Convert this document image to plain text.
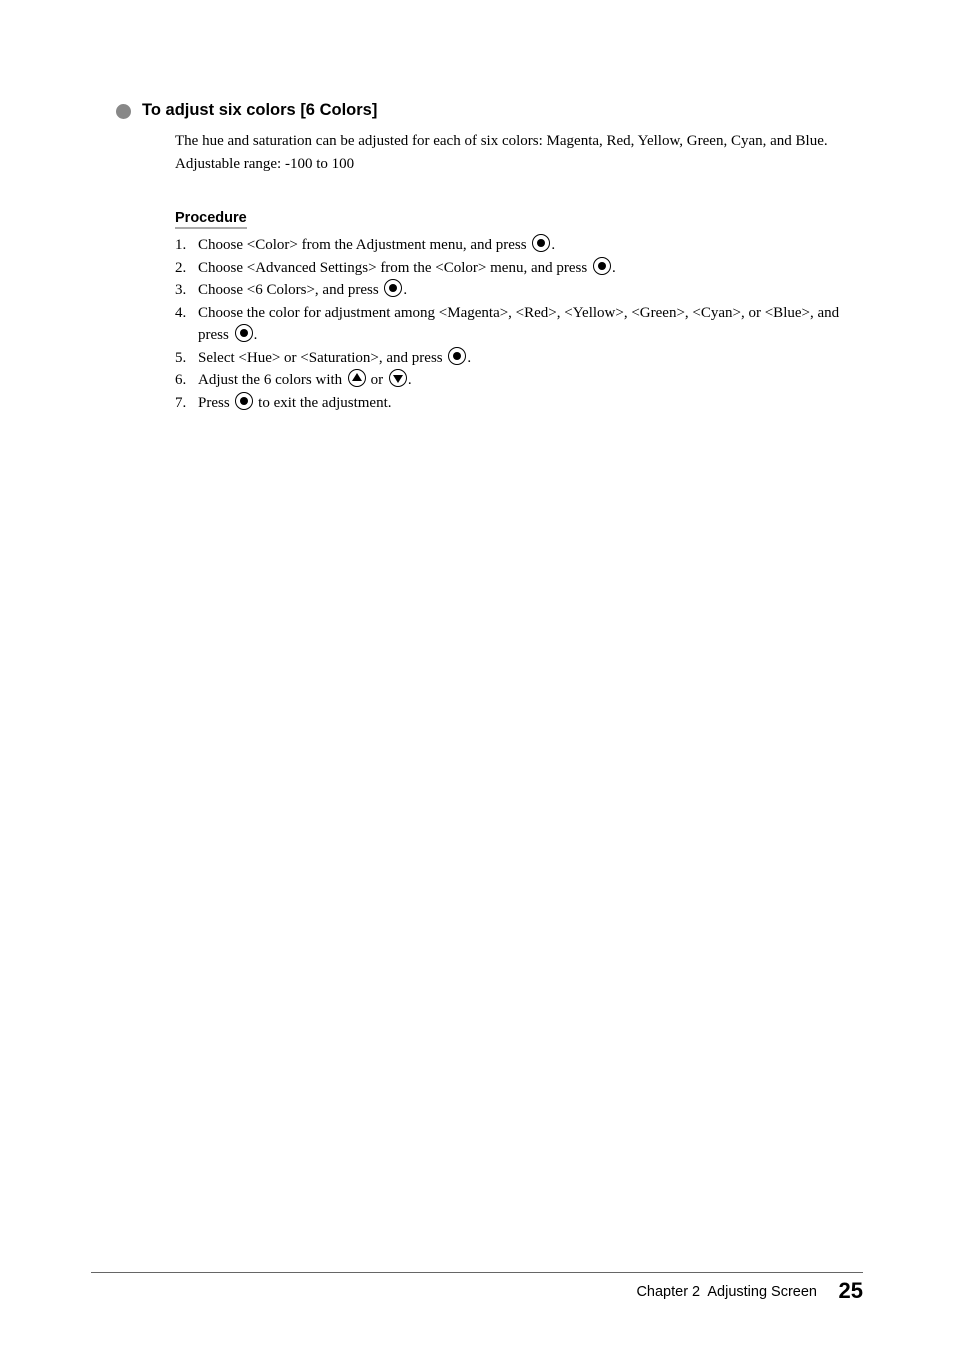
To adjust six colors [6 Colors]
The hue and saturation can be adjusted for each of six colors: Magenta, Red, Yellow, Green, Cyan, and Blue.
Adjustable range: -100 to 100
Procedure
1. Choose <Color> from the Adjustment menu, and press .
2. Choose <Advanced Settings> from the <Color> menu, and press .
3. Choose <6 Colors>, and press .
4. Choose the color for adjustment among <Magenta>, <Red>, <Yellow>, <Green>, <Cyan>, or <Blue>, and press .
5. Select <Hue> or <Saturation>, and press .
6. Adjust the 6 colors with or .
7. Press to exit the adjustment.
Chapter 2  Adjusting Screen 25
